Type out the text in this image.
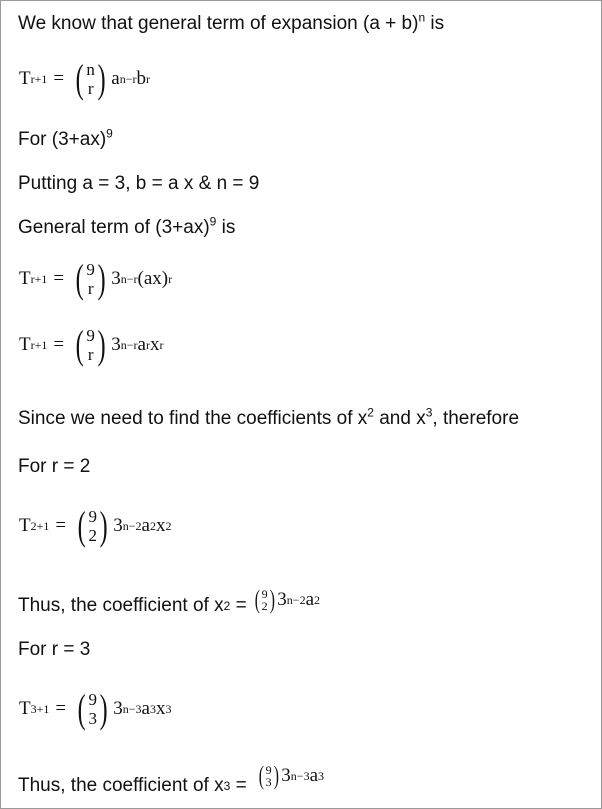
We know that general term of expansion $(a + b)^n$ is
T r+1 = ( n
r ) a n−r b r
For $(3+ax)^9$
Putting a = 3, b = a x & n = 9
General term of $(3+ax)^9$ is
T r+1 = ( 9
r ) 3 n−r (ax) r
T r+1 = ( 9
r ) 3 n−r a r x r
Since we need to find the coefficients of $x^2$ and $x^3$, therefore
For r = 2
T 2+1 = ( 9
2 ) 3 n−2 a 2 x 2
Thus, the coefficient of x 2 = ( 9
2 ) 3 n−2 a 2
For r = 3
T 3+1 = ( 9
3 ) 3 n−3 a 3 x 3
Thus, the coefficient of x 3 = ( 9
3 ) 3 n−3 a 3
